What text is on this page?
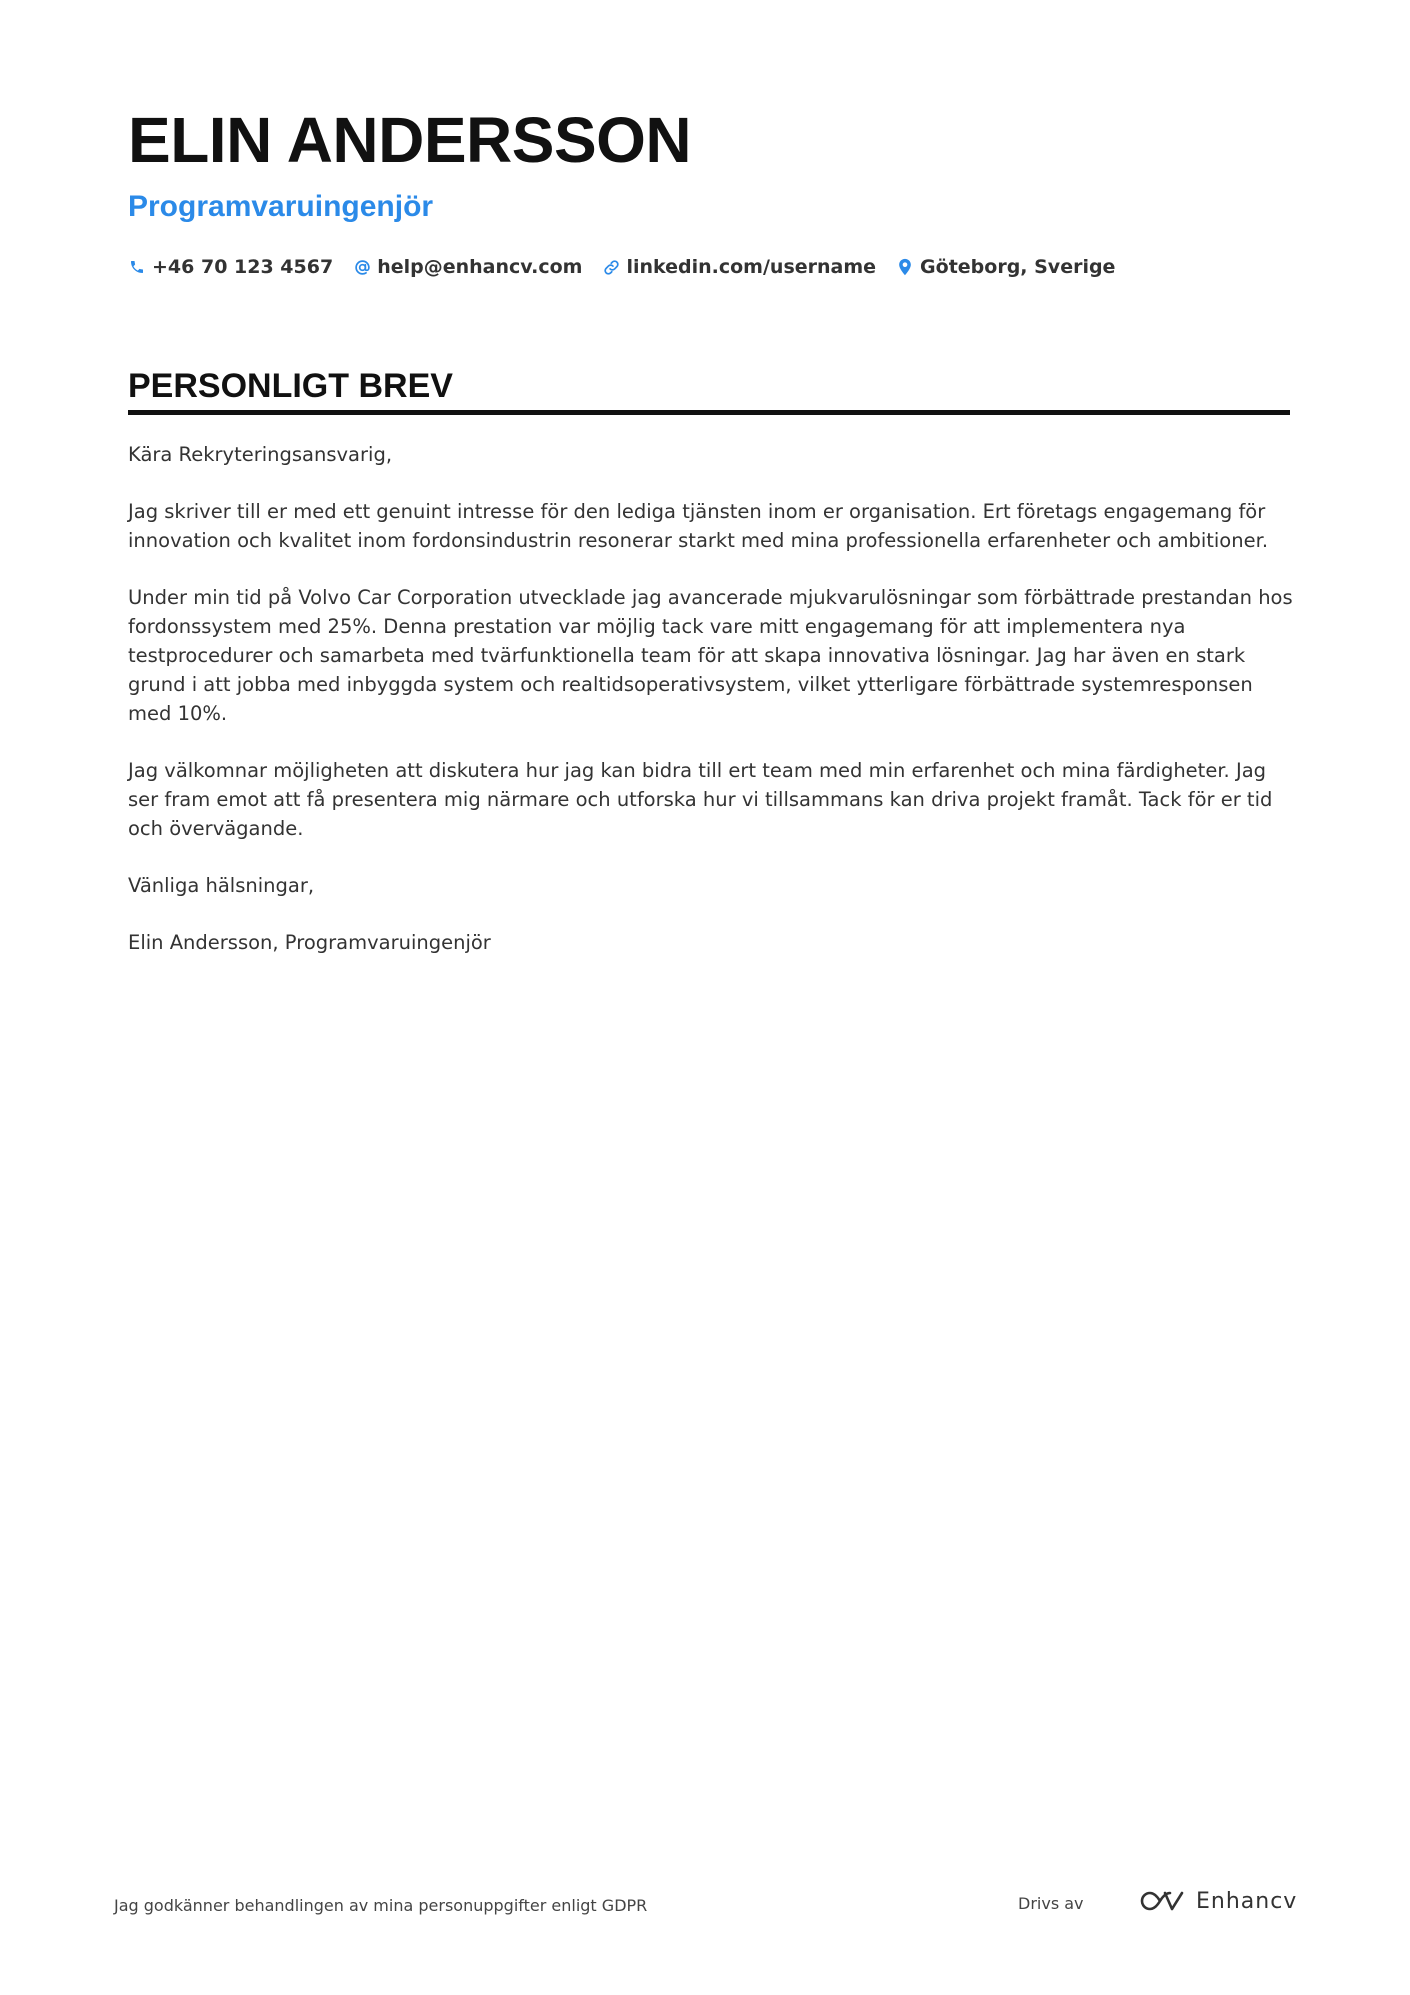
ELIN ANDERSSON
Programvaruingenjör
+46 70 123 4567 help@enhancv.com linkedin.com/username Göteborg, Sverige
PERSONLIGT BREV

Kära Rekryteringsansvarig,

Jag skriver till er med ett genuint intresse för den lediga tjänsten inom er organisation. Ert företags engagemang för innovation och kvalitet inom fordonsindustrin resonerar starkt med mina professionella erfarenheter och ambitioner.

Under min tid på Volvo Car Corporation utvecklade jag avancerade mjukvarulösningar som förbättrade prestandan hos fordonssystem med 25%. Denna prestation var möjlig tack vare mitt engagemang för att implementera nya testprocedurer och samarbeta med tvärfunktionella team för att skapa innovativa lösningar. Jag har även en stark grund i att jobba med inbyggda system och realtidsoperativsystem, vilket ytterligare förbättrade systemresponsen med 10%.

Jag välkomnar möjligheten att diskutera hur jag kan bidra till ert team med min erfarenhet och mina färdigheter. Jag ser fram emot att få presentera mig närmare och utforska hur vi tillsammans kan driva projekt framåt. Tack för er tid och övervägande.

Vänliga hälsningar,

Elin Andersson, Programvaruingenjör

Jag godkänner behandlingen av mina personuppgifter enligt GDPR	Drivs av	Enhancv
